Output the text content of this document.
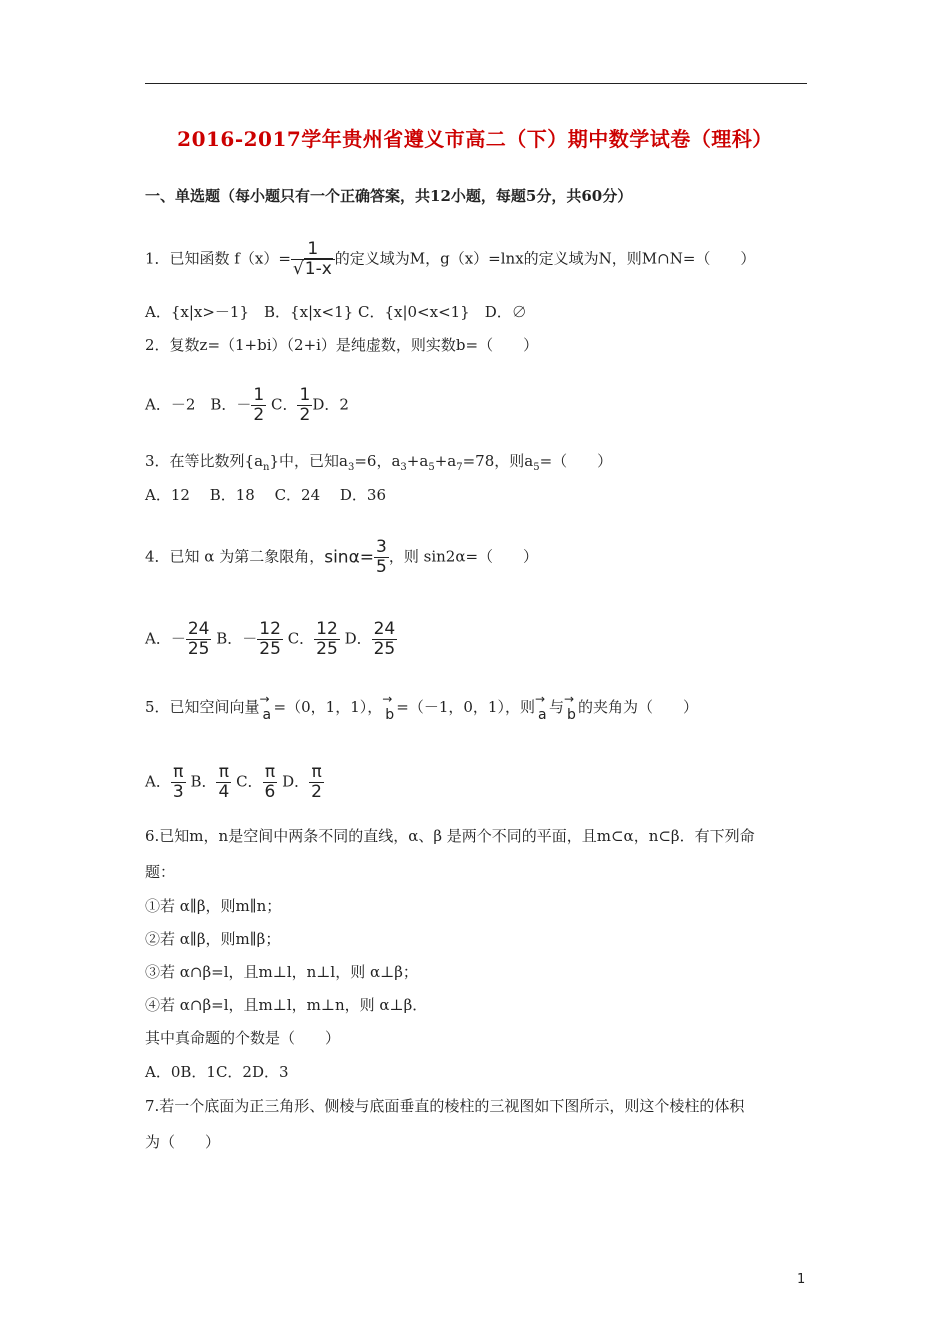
2016-2017学年贵州省遵义市高二（下）期中数学试卷（理科）
一、单选题（每小题只有一个正确答案，共12小题，每题5分，共60分）
1．已知函数 $f(x)= \frac{1}{√1-x}$ 的定义域为M，g（x）=lnx的定义域为N，则M∩N=（　　）
A．{x|x>－1}　B．{x|x<1} C．{x|0<x<1}　D．∅
2．复数z=（1+bi）（2+i）是纯虚数，则实数b=（　　）
A．－2　B．－ $\frac{1}{2}$ C． $\frac{1}{2}$ D．2
3．在等比数列$\{a_n\}$中，已知$a_3=6$，$a_3+a_5+a_7=78$，则$a_5=$（　　）
A．12　 B．18　 C．24　 D．36
4．已知 α 为第二象限角，$\sin\alpha= \frac{3}{5}$ ，则 sin2α=（　　）
A．－ $\frac{24}{25}$ B．－ $\frac{12}{25}$ C． $\frac{12}{25}$ D． $\frac{24}{25}$
5．已知空间向量 →
a =（0，1，1）， →
b =（－1，0，1），则 →
a 与 →
b 的夹角为（　　）
A． $\frac{\pi}{3}$ B． $\frac{\pi}{4}$ C． $\frac{\pi}{6}$ D． $\frac{\pi}{2}$
6.已知m，n是空间中两条不同的直线，α、β 是两个不同的平面，且m⊂α，n⊂β．有下列命
题：
①若 α∥β，则m∥n；
②若 α∥β，则m∥β；
③若 α∩β=l，且m⊥l，n⊥l，则 α⊥β；
④若 α∩β=l，且m⊥l，m⊥n，则 α⊥β．
其中真命题的个数是（　　）
A．0B．1C．2D．3
7.若一个底面为正三角形、侧棱与底面垂直的棱柱的三视图如下图所示，则这个棱柱的体积
为（　　）
1
